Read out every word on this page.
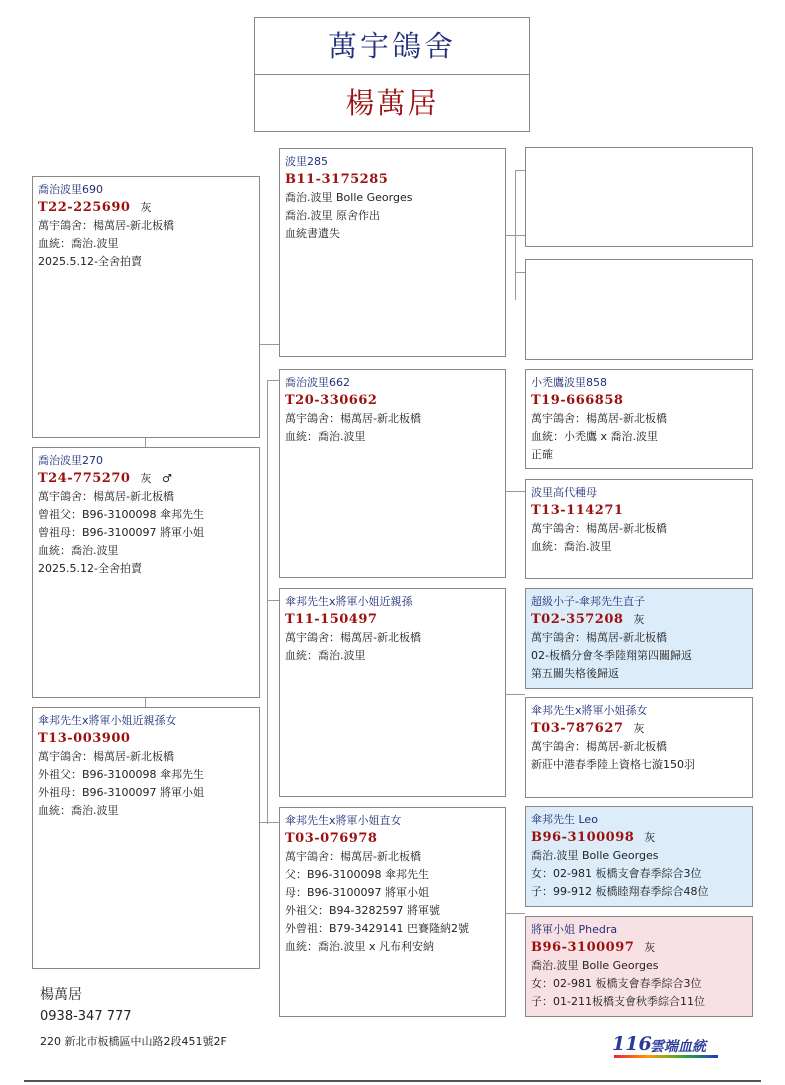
萬宇鴿舍
楊萬居
喬治波里690
T22-225690 灰
萬宇鴿舍：楊萬居-新北板橋
血統：喬治.波里
2025.5.12-全舍拍賣
喬治波里270
T24-775270 灰 ♂
萬宇鴿舍：楊萬居-新北板橋
曾祖父：B96-3100098 傘邦先生
曾祖母：B96-3100097 將軍小姐
血統：喬治.波里
2025.5.12-全舍拍賣
傘邦先生x將軍小姐近親孫女
T13-003900
萬宇鴿舍：楊萬居-新北板橋
外祖父：B96-3100098 傘邦先生
外祖母：B96-3100097 將軍小姐
血統：喬治.波里
波里285
B11-3175285
喬治.波里 Bolle Georges
喬治.波里 原舍作出
血統書遺失
喬治波里662
T20-330662
萬宇鴿舍：楊萬居-新北板橋
血統：喬治.波里
傘邦先生x將軍小姐近親孫
T11-150497
萬宇鴿舍：楊萬居-新北板橋
血統：喬治.波里
傘邦先生x將軍小姐直女
T03-076978
萬宇鴿舍：楊萬居-新北板橋
父：B96-3100098 傘邦先生
母：B96-3100097 將軍小姐
外祖父：B94-3282597 將軍號
外曾祖：B79-3429141 巴賽隆納2號
血統：喬治.波里 x 凡布利安納
小禿鷹波里858
T19-666858
萬宇鴿舍：楊萬居-新北板橋
血統：小禿鷹 x 喬治.波里
正確
波里高代種母
T13-114271
萬宇鴿舍：楊萬居-新北板橋
血統：喬治.波里
超級小子-傘邦先生直子
T02-357208 灰
萬宇鴿舍：楊萬居-新北板橋
02-板橋分會冬季陸翔第四關歸返
第五關失格後歸返
傘邦先生x將軍小姐孫女
T03-787627 灰
萬宇鴿舍：楊萬居-新北板橋
新莊中港春季陸上資格七漩150羽
傘邦先生 Leo
B96-3100098 灰
喬治.波里 Bolle Georges
女：02-981 板橋支會春季綜合3位
子：99-912 板橋睦翔春季綜合48位
將軍小姐 Phedra
B96-3100097 灰
喬治.波里 Bolle Georges
女：02-981 板橋支會春季綜合3位
子：01-211板橋支會秋季綜合11位
楊萬居
0938-347 777
220 新北市板橋區中山路2段451號2F	116
雲端血統
